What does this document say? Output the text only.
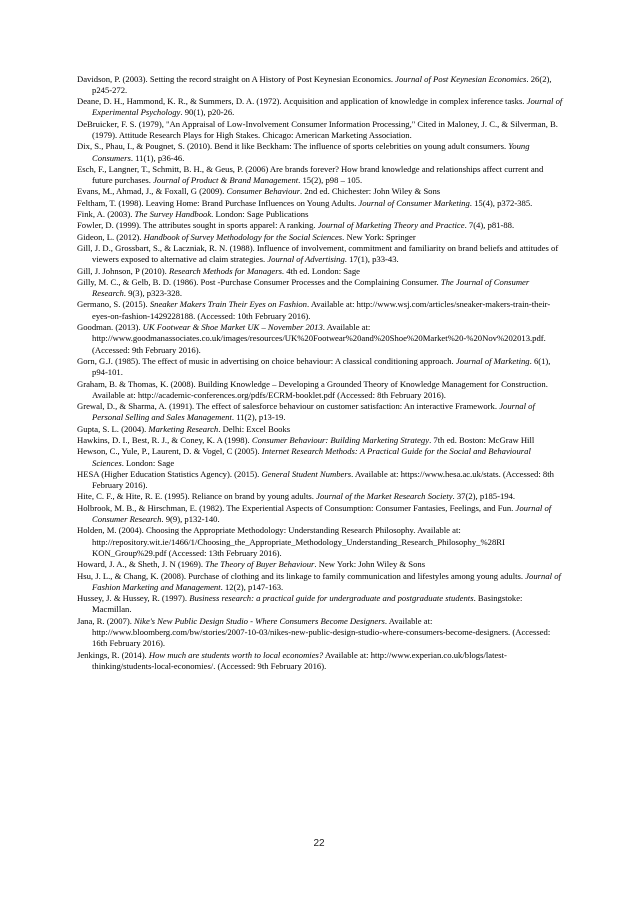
Davidson, P. (2003). Setting the record straight on A History of Post Keynesian Economics. Journal of Post Keynesian Economics. 26(2), p245-272.

Deane, D. H., Hammond, K. R., & Summers, D. A. (1972). Acquisition and application of knowledge in complex inference tasks. Journal of Experimental Psychology. 90(1), p20-26.

DeBruicker, F. S. (1979), "An Appraisal of Low-Involvement Consumer Information Processing," Cited in Maloney, J. C., & Silverman, B. (1979). Attitude Research Plays for High Stakes. Chicago: American Marketing Association.

Dix, S., Phau, I., & Pougnet, S. (2010). Bend it like Beckham: The influence of sports celebrities on young adult consumers. Young Consumers. 11(1), p36-46.

Esch, F., Langner, T., Schmitt, B. H., & Geus, P. (2006) Are brands forever? How brand knowledge and relationships affect current and future purchases. Journal of Product & Brand Management. 15(2), p98 – 105.

Evans, M., Ahmad, J., & Foxall, G (2009). Consumer Behaviour. 2nd ed. Chichester: John Wiley & Sons

Feltham, T. (1998). Leaving Home: Brand Purchase Influences on Young Adults. Journal of Consumer Marketing. 15(4), p372-385.

Fink, A. (2003). The Survey Handbook. London: Sage Publications

Fowler, D. (1999). The attributes sought in sports apparel: A ranking. Journal of Marketing Theory and Practice. 7(4), p81-88.

Gideon, L. (2012). Handbook of Survey Methodology for the Social Sciences. New York: Springer

Gill, J. D., Grossbart, S., & Laczniak, R. N. (1988). Influence of involvement, commitment and familiarity on brand beliefs and attitudes of viewers exposed to alternative ad claim strategies. Journal of Advertising. 17(1), p33-43.

Gill, J. Johnson, P (2010). Research Methods for Managers. 4th ed. London: Sage

Gilly, M. C., & Gelb, B. D. (1986). Post -Purchase Consumer Processes and the Complaining Consumer. The Journal of Consumer Research. 9(3), p323-328.

Germano, S. (2015). Sneaker Makers Train Their Eyes on Fashion. Available at: http://www.wsj.com/articles/sneaker-makers-train-their-eyes-on-fashion-1429228188. (Accessed: 10th February 2016).

Goodman. (2013). UK Footwear & Shoe Market UK – November 2013. Available at: http://www.goodmanassociates.co.uk/images/resources/UK%20Footwear%20and%20Shoe%20Market%20-%20Nov%202013.pdf. (Accessed: 9th February 2016).

Gorn, G.J. (1985). The effect of music in advertising on choice behaviour: A classical conditioning approach. Journal of Marketing. 6(1), p94-101.

Graham, B. & Thomas, K. (2008). Building Knowledge – Developing a Grounded Theory of Knowledge Management for Construction. Available at: http://academic-conferences.org/pdfs/ECRM-booklet.pdf (Accessed: 8th February 2016).

Grewal, D., & Sharma, A. (1991). The effect of salesforce behaviour on customer satisfaction: An interactive Framework. Journal of Personal Selling and Sales Management. 11(2), p13-19.

Gupta, S. L. (2004). Marketing Research. Delhi: Excel Books

Hawkins, D. I., Best, R. J., & Coney, K. A (1998). Consumer Behaviour: Building Marketing Strategy. 7th ed. Boston: McGraw Hill

Hewson, C., Yule, P., Laurent, D. & Vogel, C (2005). Internet Research Methods: A Practical Guide for the Social and Behavioural Sciences. London: Sage

HESA (Higher Education Statistics Agency). (2015). General Student Numbers. Available at: https://www.hesa.ac.uk/stats. (Accessed: 8th February 2016).

Hite, C. F., & Hite, R. E. (1995). Reliance on brand by young adults. Journal of the Market Research Society. 37(2), p185-194.

Holbrook, M. B., & Hirschman, E. (1982). The Experiential Aspects of Consumption: Consumer Fantasies, Feelings, and Fun. Journal of Consumer Research. 9(9), p132-140.

Holden, M. (2004). Choosing the Appropriate Methodology: Understanding Research Philosophy. Available at: http://repository.wit.ie/1466/1/Choosing_the_Appropriate_Methodology_Understanding_Research_Philosophy_%28RI KON_Group%29.pdf (Accessed: 13th February 2016).

Howard, J. A., & Sheth, J. N (1969). The Theory of Buyer Behaviour. New York: John Wiley & Sons

Hsu, J. L., & Chang, K. (2008). Purchase of clothing and its linkage to family communication and lifestyles among young adults. Journal of Fashion Marketing and Management. 12(2), p147-163.

Hussey, J. & Hussey, R. (1997). Business research: a practical guide for undergraduate and postgraduate students. Basingstoke: Macmillan.

Jana, R. (2007). Nike's New Public Design Studio - Where Consumers Become Designers. Available at: http://www.bloomberg.com/bw/stories/2007-10-03/nikes-new-public-design-studio-where-consumers-become-designers. (Accessed: 16th February 2016).

Jenkings, R. (2014). How much are students worth to local economies? Available at: http://www.experian.co.uk/blogs/latest-thinking/students-local-economies/. (Accessed: 9th February 2016).

22
